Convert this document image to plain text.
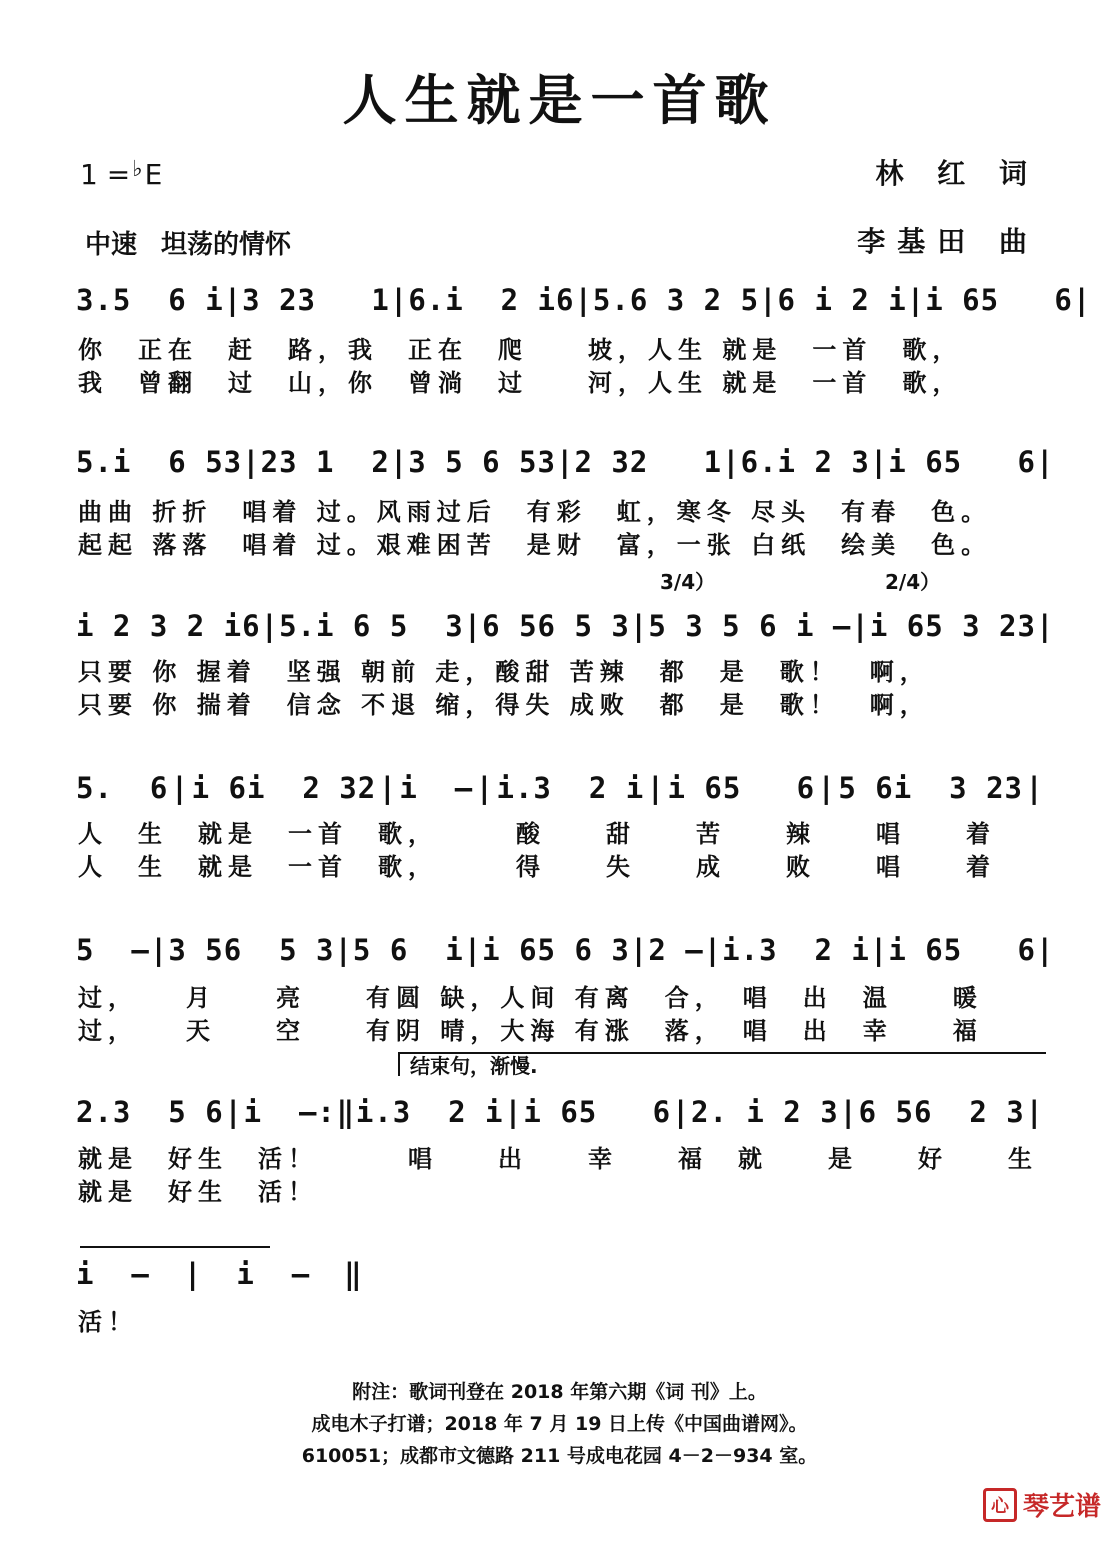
人生就是一首歌
1 =♭E	林 红 词
李基田 曲
中速 坦荡的情怀
3.5  6 i | 3 23   1 | 6.i  2 i6 | 5.6 3 2 5 | 6 i 2 i | i 65   6 |
你　正在　赶　路，我　正在　爬　　坡，人生 就是　一首　歌，
我　曾翻　过　山，你　曾淌　过　　河，人生 就是　一首　歌，
5.i  6 53 | 23 1  2 | 3 5 6 53 | 2 32   1 | 6.i 2 3 | i 65   6 |
曲曲 折折　唱着 过。风雨过后　有彩　虹，寒冬 尽头　有春　色。
起起 落落　唱着 过。艰难困苦　是财　富，一张 白纸　绘美　色。
3/4）	2/4）
i 2 3 2 i6 | 5.i 6 5  3 | 6 56 5 3 | 5 3 5 6 i — | i 65 3 23 |
只要 你 握着　坚强 朝前 走，酸甜 苦辣　都　是　歌！　啊，
只要 你 揣着　信念 不退 缩，得失 成败　都　是　歌！　啊，
5.  6 | i 6i  2 32 | i  — | i.3  2 i | i 65   6 | 5 6i  3 23 |
人　生　就是　一首　歌，　　　酸　　甜　　苦　　辣　　唱　　着
人　生　就是　一首　歌，　　　得　　失　　成　　败　　唱　　着
5  — | 3 56  5 3 | 5 6  i | i 65 6 3 | 2 — | i.3  2 i | i 65   6 |
过，　　月　　亮　　有圆 缺，人间 有离　合，　唱　出　温　　暖
过，　　天　　空　　有阴 晴，大海 有涨　落，　唱　出　幸　　福
结束句，渐慢.
2.3  5 6 | i  —: ‖ i.3  2 i | i 65   6 | 2. i 2 3 | 6 56  2 3 |
就是　好生　活！　　　唱　　出　　幸　　福　就　　是　　好　　生
就是　好生　活！
i  — | i  — ‖
活！
附注：歌词刊登在 2018 年第六期《词 刊》上。
成电木子打谱；2018 年 7 月 19 日上传《中国曲谱网》。
610051；成都市文德路 211 号成电花园 4－2－934 室。
心 琴艺谱
